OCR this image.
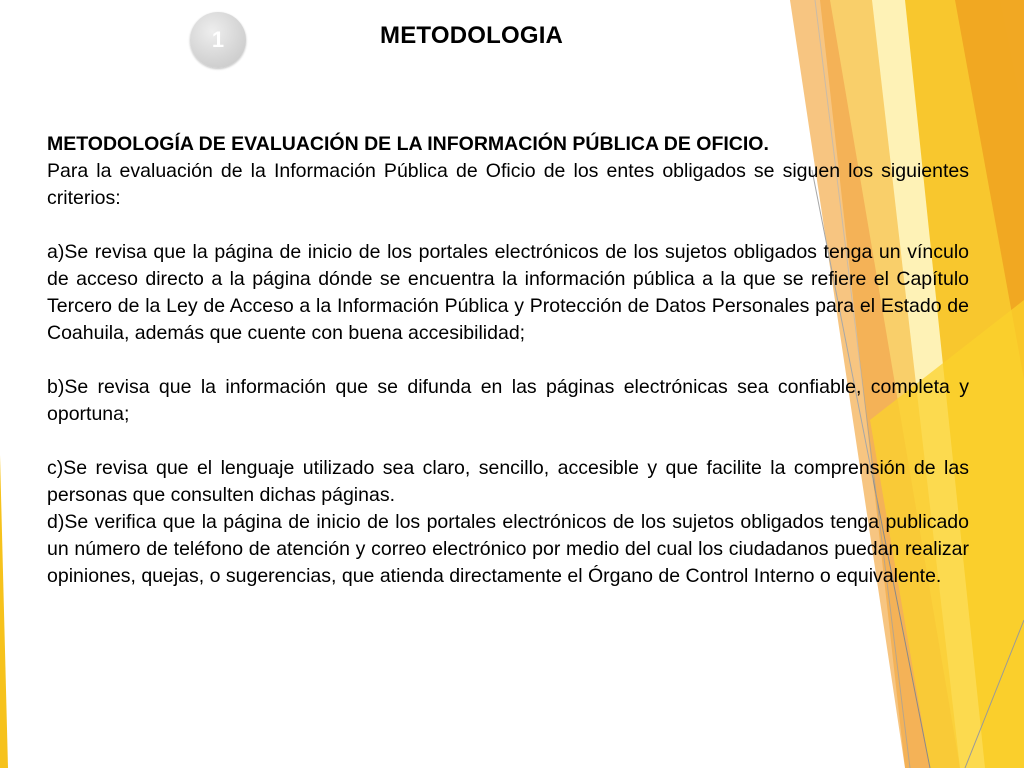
1	METODOLOGIA

METODOLOGÍA DE EVALUACIÓN DE LA INFORMACIÓN PÚBLICA DE OFICIO.

Para la evaluación de la Información Pública de Oficio de los entes obligados se siguen los siguientes criterios:

a)Se revisa que la página de inicio de los portales electrónicos de los sujetos obligados tenga un vínculo de acceso directo a la página dónde se encuentra la información pública a la que se refiere el Capítulo Tercero de la Ley de Acceso a la Información Pública y Protección de Datos Personales para el Estado de Coahuila, además que cuente con buena accesibilidad;

b)Se revisa que la información que se difunda en las páginas electrónicas sea confiable, completa y oportuna;

c)Se revisa que el lenguaje utilizado sea claro, sencillo, accesible y que facilite la comprensión de las personas que consulten dichas páginas.

d)Se verifica que la página de inicio de los portales electrónicos de los sujetos obligados tenga publicado un número de teléfono de atención y correo electrónico por medio del cual los ciudadanos puedan realizar opiniones, quejas, o sugerencias, que atienda directamente el Órgano de Control Interno o equivalente.
